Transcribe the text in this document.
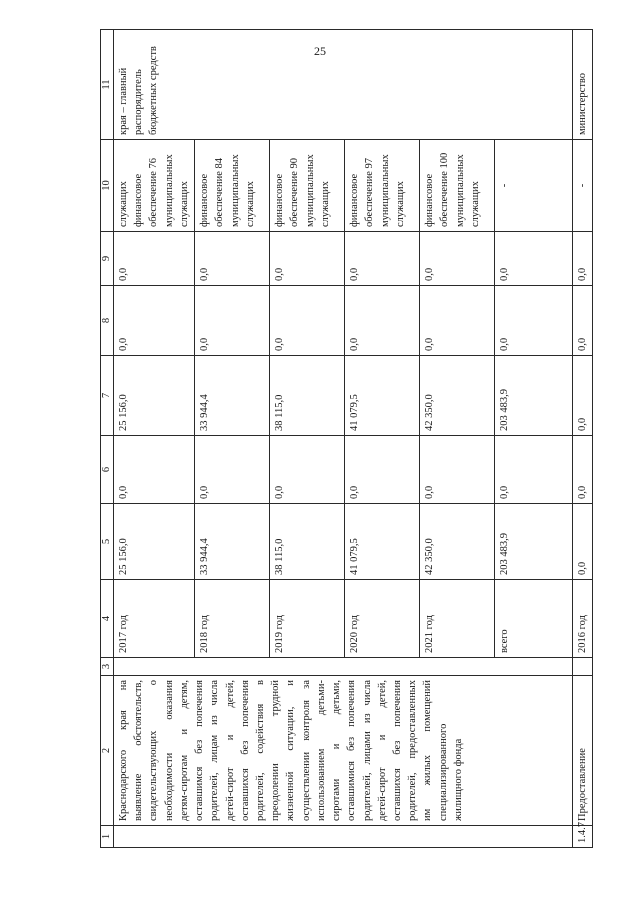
25
1	2	3	4	5	6	7	8	9	10	11
	Краснодарского края на выявление обстоятельств, свидетельствующих о необходимости оказания детям-сиротам и детям, оставшимся без попечения родителей, лицам из числа детей-сирот и детей, оставшихся без попечения родителей, содействия в преодолении трудной жизненной ситуации, и осуществлении контроля за использованием детьми-сиротами и детьми, оставшимися без попечения родителей, лицами из числа детей-сирот и детей, оставшихся без попечения родителей, предоставленных им жилых помещений специализированного жилищного фонда		2017 год	25 156,0	0,0	25 156,0	0,0	0,0	служащих финансовое обеспечение 76 муниципальных служащих	края – главный распорядитель бюджетных средств
			2018 год	33 944,4	0,0	33 944,4	0,0	0,0	финансовое обеспечение 84 муниципальных служащих	
			2019 год	38 115,0	0,0	38 115,0	0,0	0,0	финансовое обеспечение 90 муниципальных служащих	
			2020 год	41 079,5	0,0	41 079,5	0,0	0,0	финансовое обеспечение 97 муниципальных служащих	
			2021 год	42 350,0	0,0	42 350,0	0,0	0,0	финансовое обеспечение 100 муниципальных служащих	
			всего	203 483,9	0,0	203 483,9	0,0	0,0	-	
1.4.7	Предоставление		2016 год	0,0	0,0	0,0	0,0	0,0	-	министерство
